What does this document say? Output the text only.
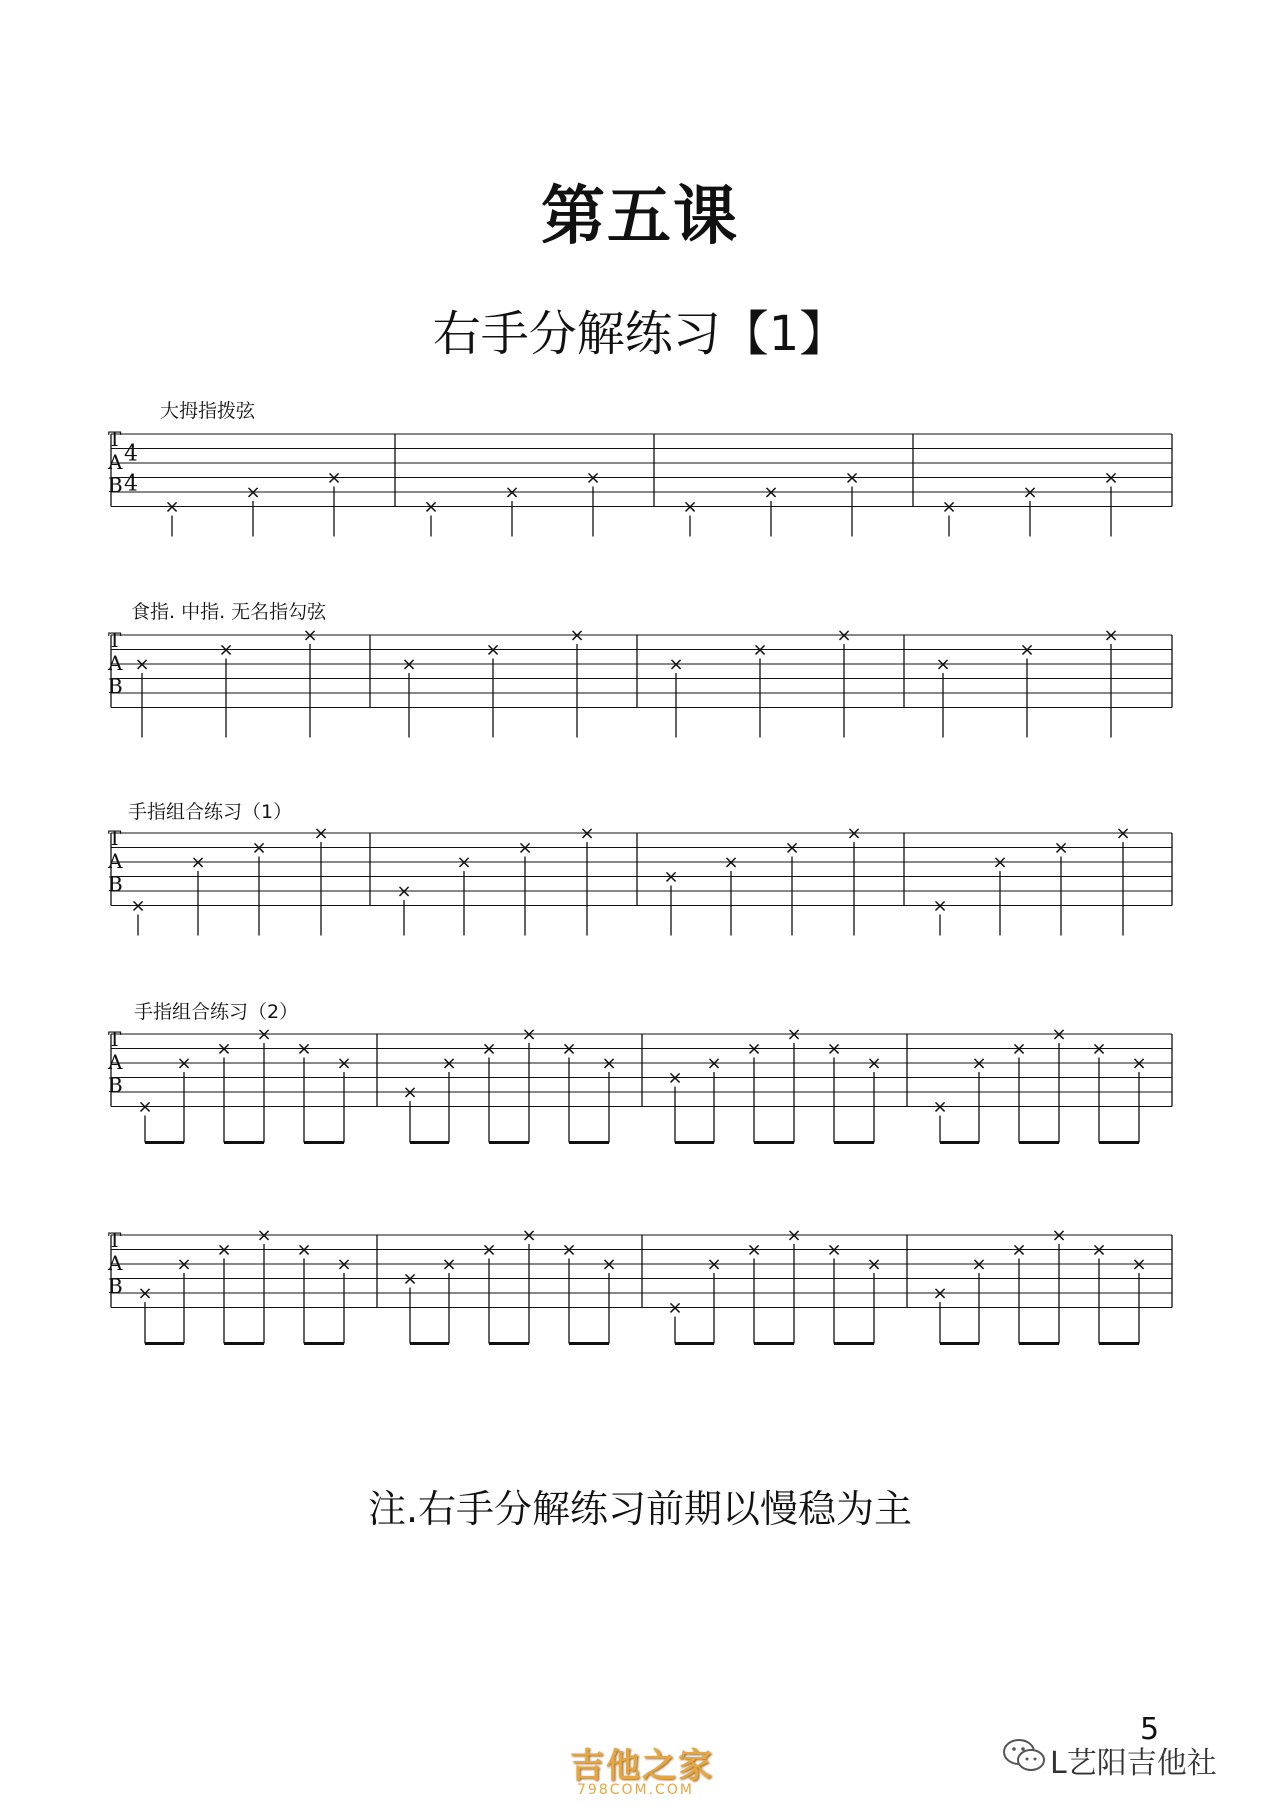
第五课
右手分解练习【1】
大拇指拨弦
食指. 中指. 无名指勾弦
手指组合练习（1）
手指组合练习（2）
T
A
B
4
4
×
×
×
×
×
×
×
×
×
×
×
×
T
A
B
×
×
×
×
×
×
×
×
×
×
×
×
T
A
B
×
×
×
×
×
×
×
×
×
×
×
×
×
×
×
×
T
A
B
×
×
×
×
×
×
×
×
×
×
×
×
×
×
×
×
×
×
×
×
×
×
×
×
T
A
B ×
×
×
×
×
×
×
×
×
×
×
×
×
×
×
×
×
×
×
×
×
×
×
×
注.右手分解练习前期以慢稳为主
5
吉他之家
798COM.COM
L艺阳吉他社
